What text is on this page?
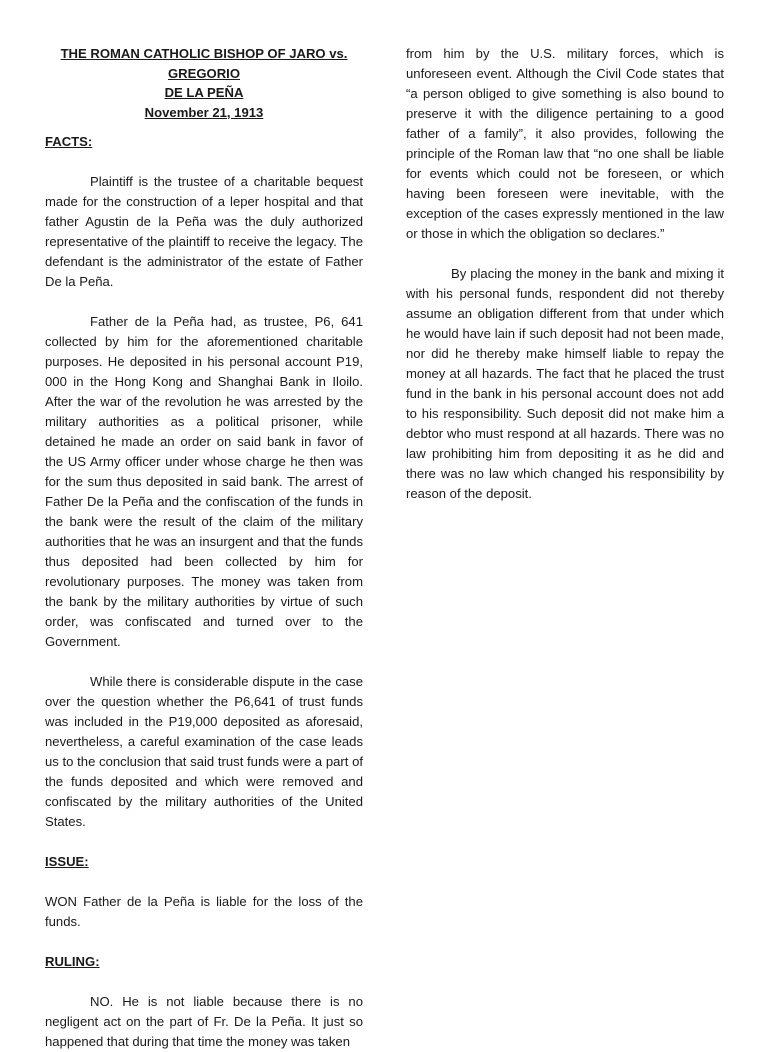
THE ROMAN CATHOLIC BISHOP OF JARO vs. GREGORIO
DE LA PEÑA
November 21, 1913
FACTS:

Plaintiff is the trustee of a charitable bequest made for the construction of a leper hospital and that father Agustin de la Peña was the duly authorized representative of the plaintiff to receive the legacy. The defendant is the administrator of the estate of Father De la Peña.

Father de la Peña had, as trustee, P6, 641 collected by him for the aforementioned charitable purposes. He deposited in his personal account P19, 000 in the Hong Kong and Shanghai Bank in Iloilo. After the war of the revolution he was arrested by the military authorities as a political prisoner, while detained he made an order on said bank in favor of the US Army officer under whose charge he then was for the sum thus deposited in said bank. The arrest of Father De la Peña and the confiscation of the funds in the bank were the result of the claim of the military authorities that he was an insurgent and that the funds thus deposited had been collected by him for revolutionary purposes. The money was taken from the bank by the military authorities by virtue of such order, was confiscated and turned over to the Government.

While there is considerable dispute in the case over the question whether the P6,641 of trust funds was included in the P19,000 deposited as aforesaid, nevertheless, a careful examination of the case leads us to the conclusion that said trust funds were a part of the funds deposited and which were removed and confiscated by the military authorities of the United States.

ISSUE:

WON Father de la Peña is liable for the loss of the funds.

RULING:

NO. He is not liable because there is no negligent act on the part of Fr. De la Peña. It just so happened that during that time the money was taken

from him by the U.S. military forces, which is unforeseen event. Although the Civil Code states that “a person obliged to give something is also bound to preserve it with the diligence pertaining to a good father of a family”, it also provides, following the principle of the Roman law that “no one shall be liable for events which could not be foreseen, or which having been foreseen were inevitable, with the exception of the cases expressly mentioned in the law or those in which the obligation so declares.”

By placing the money in the bank and mixing it with his personal funds, respondent did not thereby assume an obligation different from that under which he would have lain if such deposit had not been made, nor did he thereby make himself liable to repay the money at all hazards. The fact that he placed the trust fund in the bank in his personal account does not add to his responsibility. Such deposit did not make him a debtor who must respond at all hazards. There was no law prohibiting him from depositing it as he did and there was no law which changed his responsibility by reason of the deposit.
